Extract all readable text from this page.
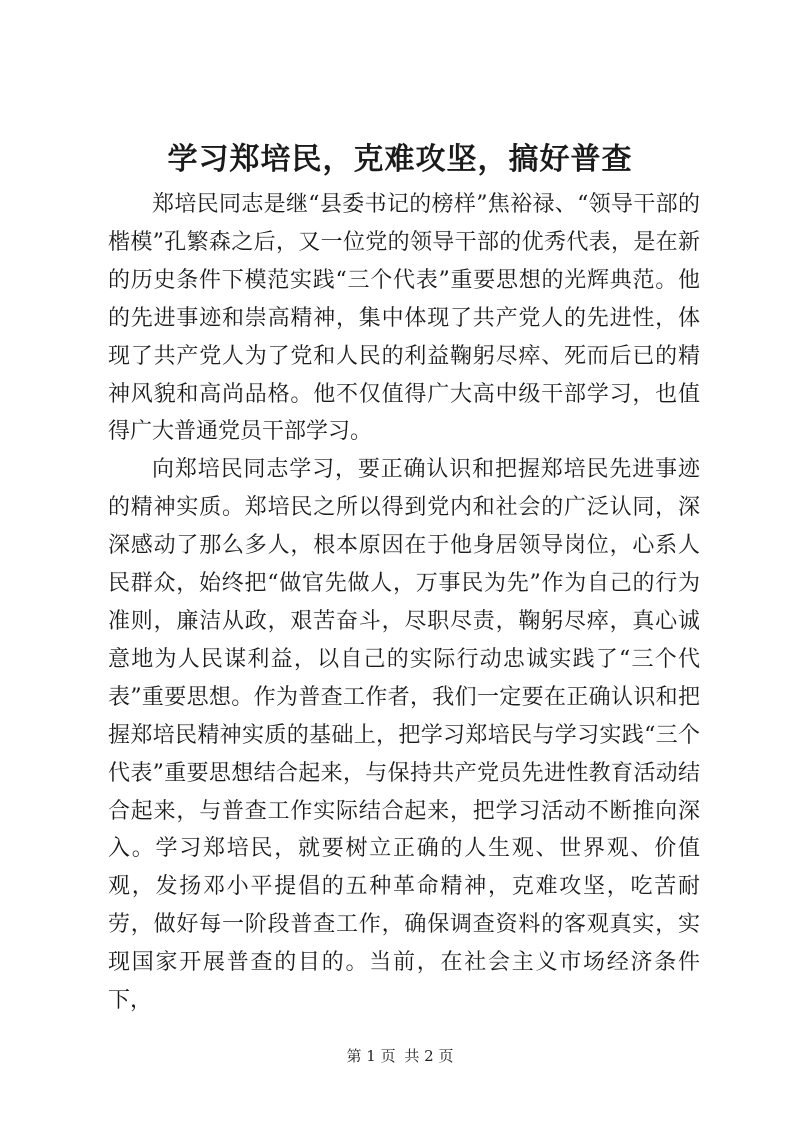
学习郑培民，克难攻坚，搞好普查

郑培民同志是继“县委书记的榜样”焦裕禄、“领导干部的楷模”孔繁森之后，又一位党的领导干部的优秀代表，是在新的历史条件下模范实践“三个代表”重要思想的光辉典范。他的先进事迹和崇高精神，集中体现了共产党人的先进性，体现了共产党人为了党和人民的利益鞠躬尽瘁、死而后已的精神风貌和高尚品格。他不仅值得广大高中级干部学习，也值得广大普通党员干部学习。

向郑培民同志学习，要正确认识和把握郑培民先进事迹的精神实质。郑培民之所以得到党内和社会的广泛认同，深深感动了那么多人，根本原因在于他身居领导岗位，心系人民群众，始终把“做官先做人，万事民为先”作为自己的行为准则，廉洁从政，艰苦奋斗，尽职尽责，鞠躬尽瘁，真心诚意地为人民谋利益，以自己的实际行动忠诚实践了“三个代表”重要思想。作为普查工作者，我们一定要在正确认识和把握郑培民精神实质的基础上，把学习郑培民与学习实践“三个代表”重要思想结合起来，与保持共产党员先进性教育活动结合起来，与普查工作实际结合起来，把学习活动不断推向深入。学习郑培民，就要树立正确的人生观、世界观、价值观，发扬邓小平提倡的五种革命精神，克难攻坚，吃苦耐劳，做好每一阶段普查工作，确保调查资料的客观真实，实现国家开展普查的目的。当前，在社会主义市场经济条件下，

第 1 页 共 2 页
